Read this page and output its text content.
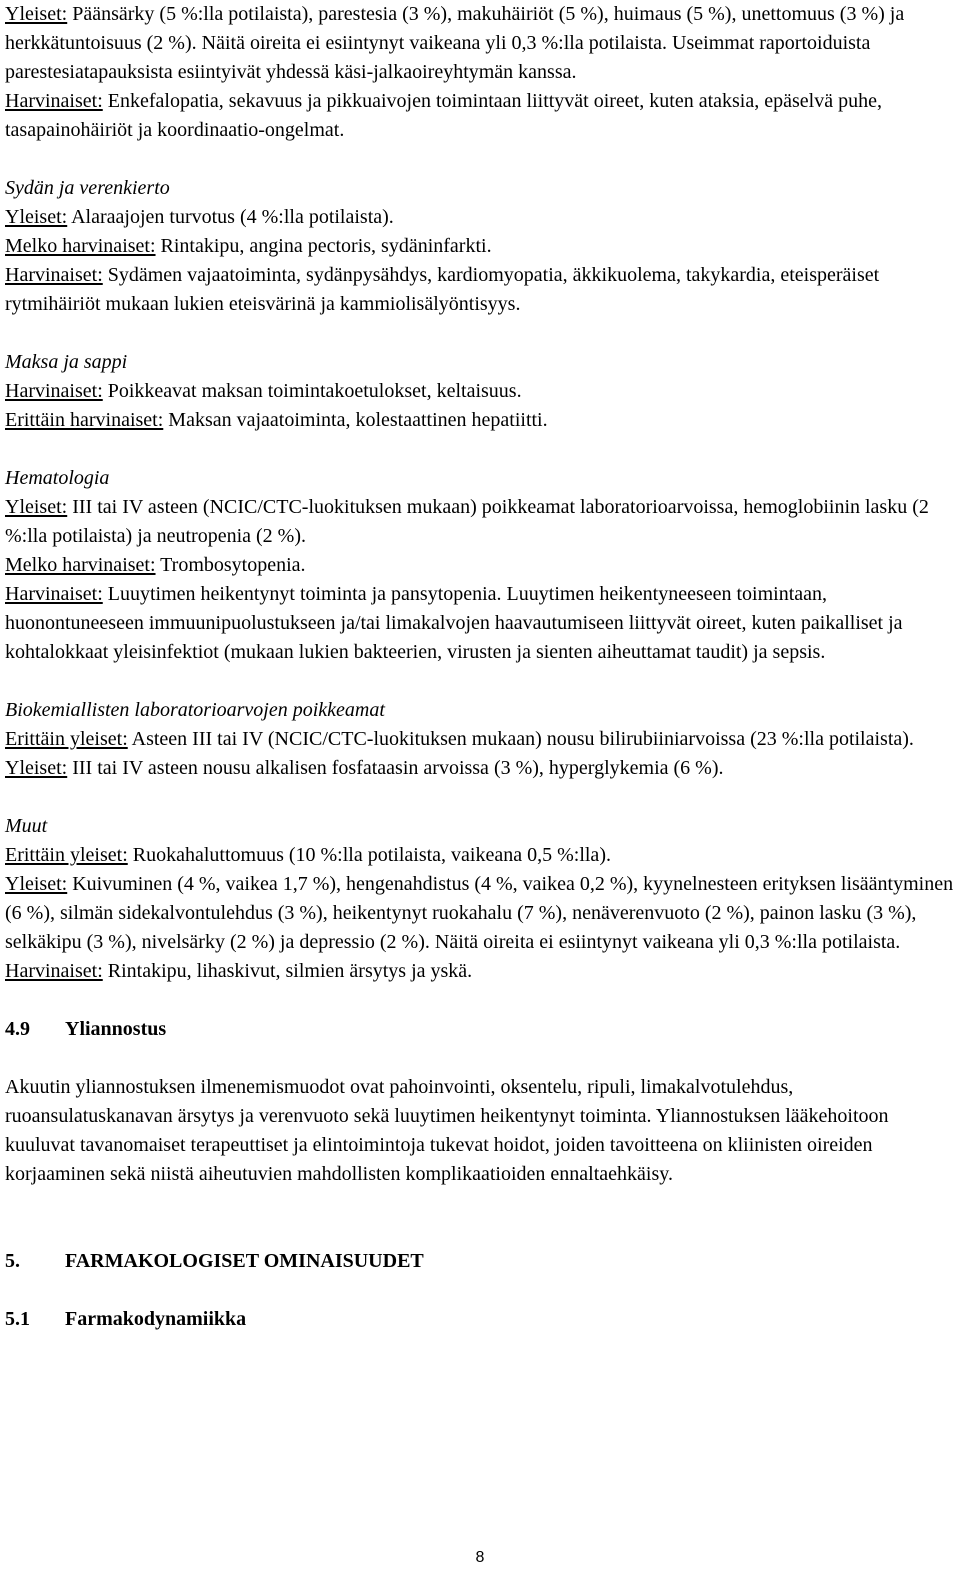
Yleiset: Päänsärky (5 %:lla potilaista), parestesia (3 %), makuhäiriöt (5 %), huimaus (5 %), unettomuus (3 %) ja herkkätuntoisuus (2 %). Näitä oireita ei esiintynyt vaikeana yli 0,3 %:lla potilaista. Useimmat raportoiduista parestesiatapauksista esiintyivät yhdessä käsi-jalkaoireyhtymän kanssa.

Harvinaiset: Enkefalopatia, sekavuus ja pikkuaivojen toimintaan liittyvät oireet, kuten ataksia, epäselvä puhe, tasapainohäiriöt ja koordinaatio-ongelmat.

Sydän ja verenkierto

Yleiset: Alaraajojen turvotus (4 %:lla potilaista).

Melko harvinaiset: Rintakipu, angina pectoris, sydäninfarkti.

Harvinaiset: Sydämen vajaatoiminta, sydänpysähdys, kardiomyopatia, äkkikuolema, takykardia, eteisperäiset rytmihäiriöt mukaan lukien eteisvärinä ja kammiolisälyöntisyys.

Maksa ja sappi

Harvinaiset: Poikkeavat maksan toimintakoetulokset, keltaisuus.

Erittäin harvinaiset: Maksan vajaatoiminta, kolestaattinen hepatiitti.

Hematologia

Yleiset: III tai IV asteen (NCIC/CTC-luokituksen mukaan) poikkeamat laboratorioarvoissa, hemoglobiinin lasku (2 %:lla potilaista) ja neutropenia (2 %).

Melko harvinaiset: Trombosytopenia.

Harvinaiset: Luuytimen heikentynyt toiminta ja pansytopenia. Luuytimen heikentyneeseen toimintaan, huonontuneeseen immuunipuolustukseen ja/tai limakalvojen haavautumiseen liittyvät oireet, kuten paikalliset ja kohtalokkaat yleisinfektiot (mukaan lukien bakteerien, virusten ja sienten aiheuttamat taudit) ja sepsis.

Biokemiallisten laboratorioarvojen poikkeamat

Erittäin yleiset: Asteen III tai IV (NCIC/CTC-luokituksen mukaan) nousu bilirubiiniarvoissa (23 %:lla potilaista).

Yleiset: III tai IV asteen nousu alkalisen fosfataasin arvoissa (3 %), hyperglykemia (6 %).

Muut

Erittäin yleiset: Ruokahaluttomuus (10 %:lla potilaista, vaikeana 0,5 %:lla).

Yleiset: Kuivuminen (4 %, vaikea 1,7 %), hengenahdistus (4 %, vaikea 0,2 %), kyynelnesteen erityksen lisääntyminen (6 %), silmän sidekalvontulehdus (3 %), heikentynyt ruokahalu (7 %), nenäverenvuoto (2 %), painon lasku (3 %), selkäkipu (3 %), nivelsärky (2 %) ja depressio (2 %). Näitä oireita ei esiintynyt vaikeana yli 0,3 %:lla potilaista.

Harvinaiset: Rintakipu, lihaskivut, silmien ärsytys ja yskä.

4.9 Yliannostus

Akuutin yliannostuksen ilmenemismuodot ovat pahoinvointi, oksentelu, ripuli, limakalvotulehdus, ruoansulatuskanavan ärsytys ja verenvuoto sekä luuytimen heikentynyt toiminta. Yliannostuksen lääkehoitoon kuuluvat tavanomaiset terapeuttiset ja elintoimintoja tukevat hoidot, joiden tavoitteena on kliinisten oireiden korjaaminen sekä niistä aiheutuvien mahdollisten komplikaatioiden ennaltaehkäisy.

5. FARMAKOLOGISET OMINAISUUDET

5.1 Farmakodynamiikka

8
